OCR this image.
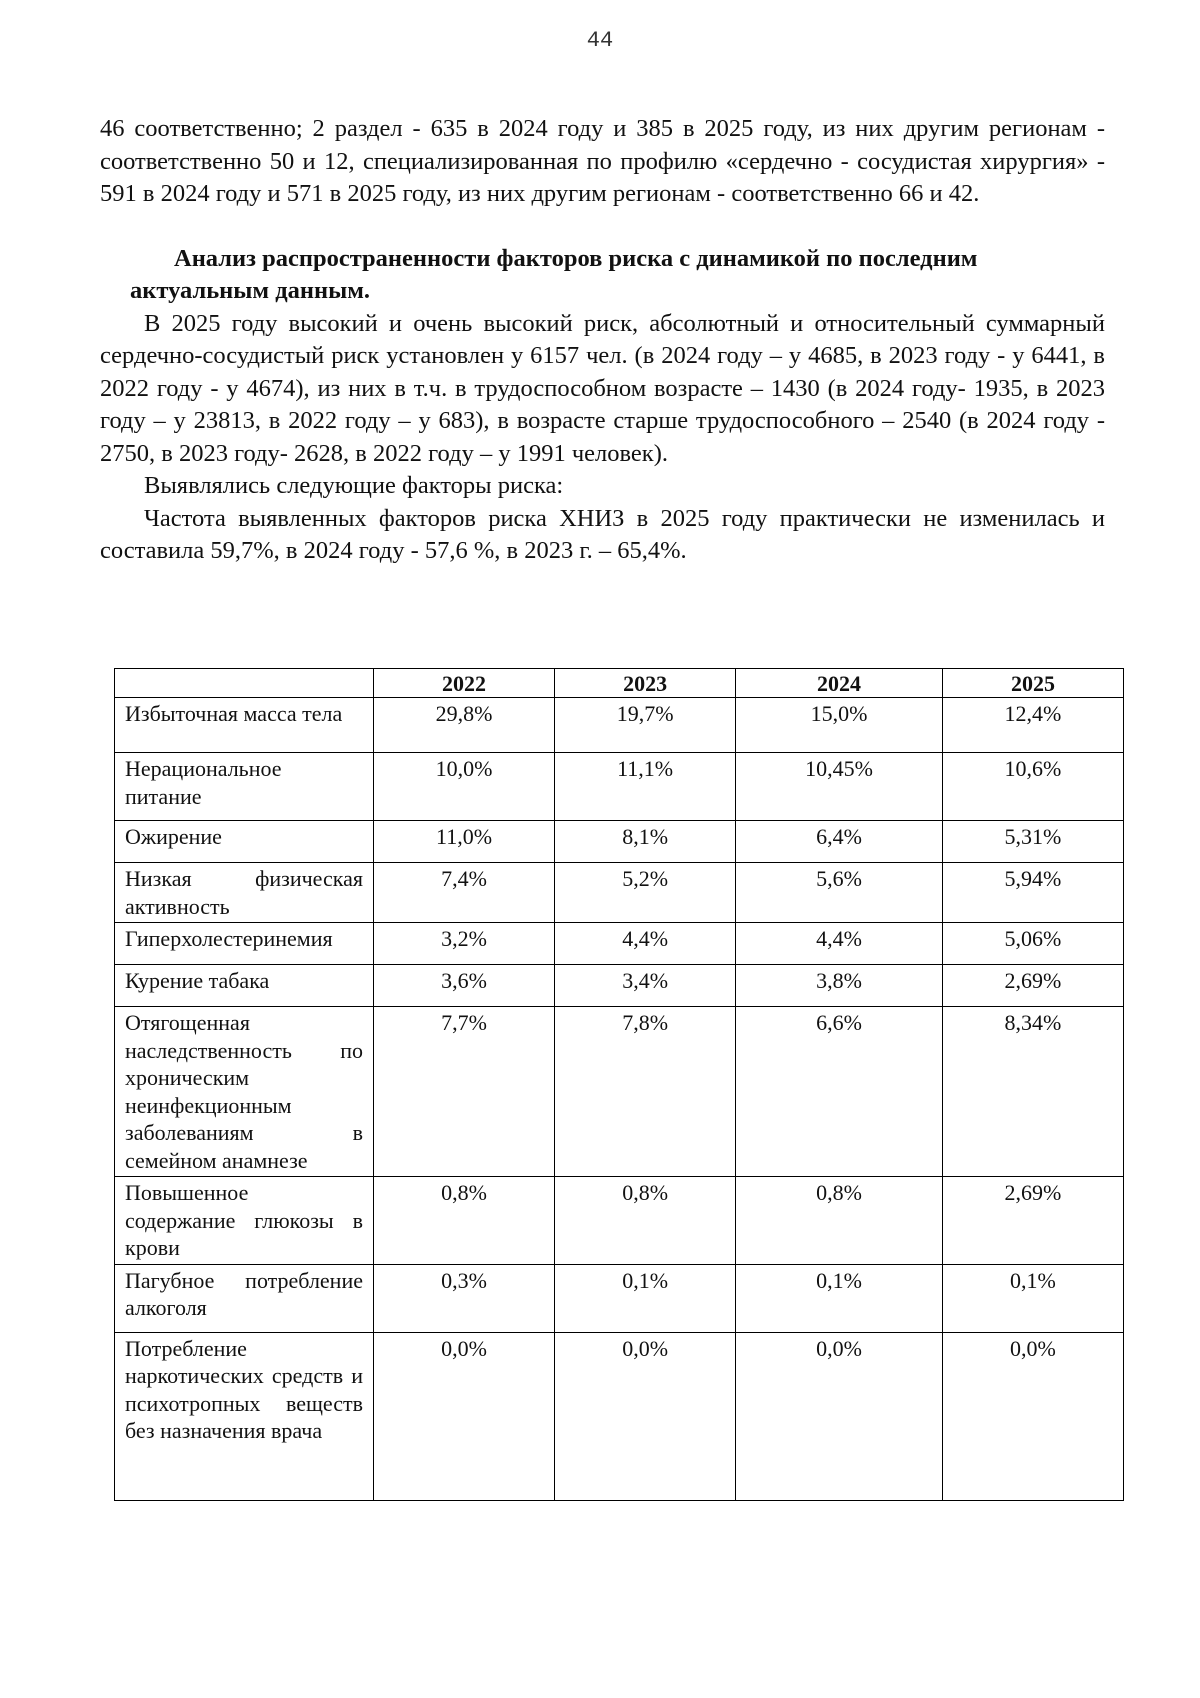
44

46 соответственно; 2 раздел - 635 в 2024 году и 385 в 2025 году, из них другим регионам - соответственно 50 и 12, специализированная по профилю «сердечно - сосудистая хирургия» - 591 в 2024 году и 571 в 2025 году, из них другим регионам - соответственно 66 и 42.

Анализ распространенности факторов риска с динамикой по последним актуальным данным.

В 2025 году высокий и очень высокий риск, абсолютный и относительный суммарный сердечно-сосудистый риск установлен у 6157 чел. (в 2024 году – у 4685, в 2023 году - у 6441, в 2022 году - у 4674), из них в т.ч. в трудоспособном возрасте – 1430 (в 2024 году- 1935, в 2023 году – у 23813, в 2022 году – у 683), в возрасте старше трудоспособного – 2540 (в 2024 году - 2750, в 2023 году- 2628, в 2022 году – у 1991 человек).

Выявлялись следующие факторы риска:

Частота выявленных факторов риска ХНИЗ в 2025 году практически не изменилась и составила 59,7%, в 2024 году - 57,6 %, в 2023 г. – 65,4%.

	2022	2023	2024	2025
Избыточная масса тела	29,8%	19,7%	15,0%	12,4%
Нерациональное питание	10,0%	11,1%	10,45%	10,6%
Ожирение	11,0%	8,1%	6,4%	5,31%
Низкая физическая активность	7,4%	5,2%	5,6%	5,94%
Гиперхолестеринемия	3,2%	4,4%	4,4%	5,06%
Курение табака	3,6%	3,4%	3,8%	2,69%
Отягощенная наследственность по хроническим неинфекционным заболеваниям в семейном анамнезе	7,7%	7,8%	6,6%	8,34%
Повышенное содержание глюкозы в крови	0,8%	0,8%	0,8%	2,69%
Пагубное потребление алкоголя	0,3%	0,1%	0,1%	0,1%
Потребление наркотических средств и психотропных веществ без назначения врача	0,0%	0,0%	0,0%	0,0%
